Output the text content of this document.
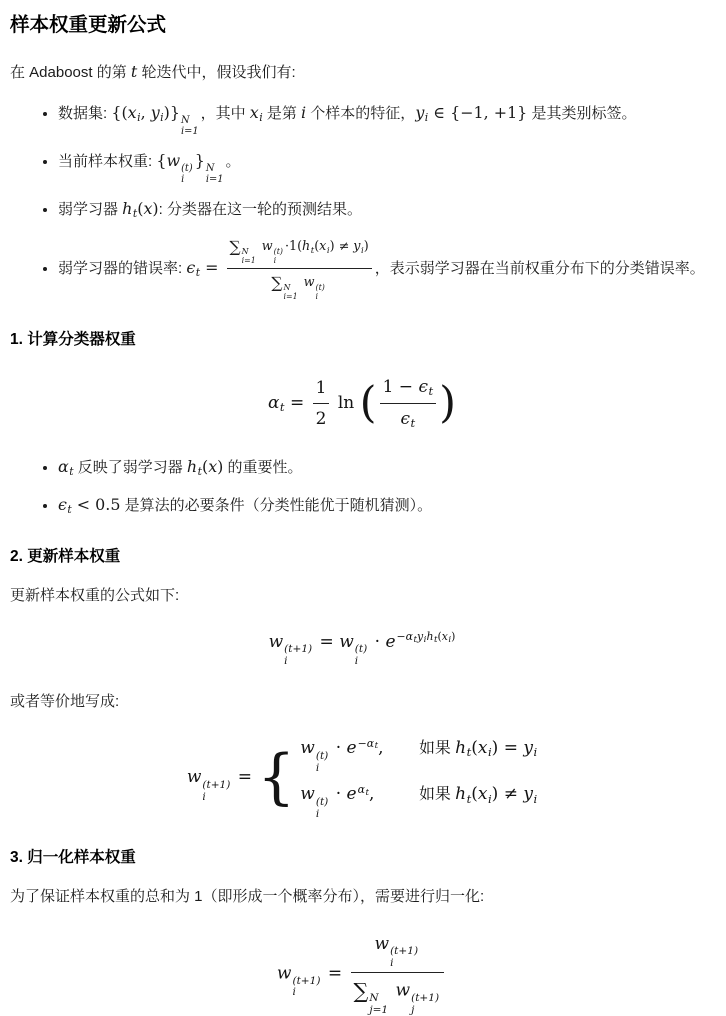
样本权重更新公式

在 Adaboost 的第 t 轮迭代中，假设我们有:

• 数据集: {(xi, yi)} N
i=1
，其中 xi 是第 i 个样本的特征，yi ∈ {−1, +1} 是其类别标签。
• 当前样本权重: {w (t)
i
} N
i=1
。
• 弱学习器 ht(x): 分类器在这一轮的预测结果。
• 弱学习器的错误率: ϵt = ∑ N
i=1
w (t)
i
·1(ht(xi) ≠ yi)
∑ N
i=1
w (t)
i ，表示弱学习器在当前权重分布下的分类错误率。
1. 计算分类器权重
$\alpha t = \frac{1}{2}$ ln ( $\frac{1 - \epsilon t}{\epsilon t}$ )
• αt 反映了弱学习器 ht(x) 的重要性。
• ϵt < 0.5 是算法的必要条件（分类性能优于随机猜测）。
2. 更新样本权重

更新样本权重的公式如下:

w (t+1)
i
= w (t)
i
· $e^{-\alpha tyiht(xi)}$

或者等价地写成:

w (t+1)
i
= { w (t)
i
· $e^{-\alpha t}$, 如果 ht(xi) = yi
w (t)
i
· $e^{\alpha t}$,	如果 ht(xi) ≠ yi
3. 归一化样本权重

为了保证样本权重的总和为 1（即形成一个概率分布），需要进行归一化:

w (t+1)
i
= w (t+1)
i
∑ N
j=1
w (t+1)
j
